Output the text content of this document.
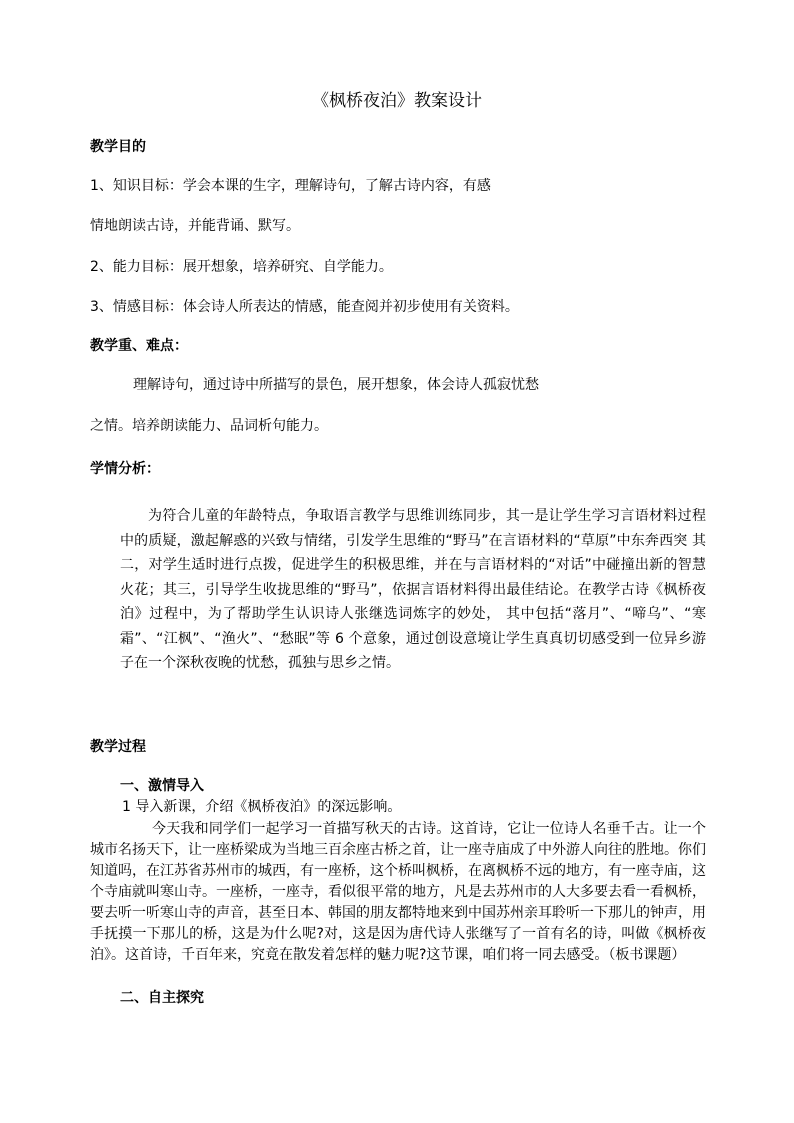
《枫桥夜泊》教案设计
教学目的
1、知识目标：学会本课的生字，理解诗句，了解古诗内容，有感
情地朗读古诗，并能背诵、默写。
2、能力目标：展开想象，培养研究、自学能力。
3、情感目标：体会诗人所表达的情感，能查阅并初步使用有关资料。
教学重、难点：
理解诗句，通过诗中所描写的景色，展开想象，体会诗人孤寂忧愁
之情。培养朗读能力、品词析句能力。
学情分析：
为符合儿童的年龄特点，争取语言教学与思维训练同步，其一是让学生学习言语材料过程中的质疑，激起解惑的兴致与情绪，引发学生思维的“野马”在言语材料的“草原”中东奔西突 其二，对学生适时进行点拨，促进学生的积极思维，并在与言语材料的“对话”中碰撞出新的智慧火花；其三，引导学生收拢思维的“野马”，依据言语材料得出最佳结论。在教学古诗《枫桥夜泊》过程中，为了帮助学生认识诗人张继选词炼字的妙处， 其中包括“落月”、“啼乌”、“寒霜”、“江枫”、“渔火”、“愁眠”等 6 个意象，通过创设意境让学生真真切切感受到一位异乡游子在一个深秋夜晚的忧愁，孤独与思乡之情。
教学过程
一、激情导入
1 导入新课，介绍《枫桥夜泊》的深远影响。
今天我和同学们一起学习一首描写秋天的古诗。这首诗，它让一位诗人名垂千古。让一个城市名扬天下，让一座桥梁成为当地三百余座古桥之首，让一座寺庙成了中外游人向往的胜地。你们知道吗，在江苏省苏州市的城西，有一座桥，这个桥叫枫桥，在离枫桥不远的地方，有一座寺庙，这个寺庙就叫寒山寺。一座桥，一座寺，看似很平常的地方，凡是去苏州市的人大多要去看一看枫桥，要去听一听寒山寺的声音，甚至日本、韩国的朋友都特地来到中国苏州亲耳聆听一下那儿的钟声，用手抚摸一下那儿的桥，这是为什么呢?对，这是因为唐代诗人张继写了一首有名的诗，叫做《枫桥夜泊》。这首诗，千百年来，究竟在散发着怎样的魅力呢?这节课，咱们将一同去感受。（板书课题）
二、自主探究
